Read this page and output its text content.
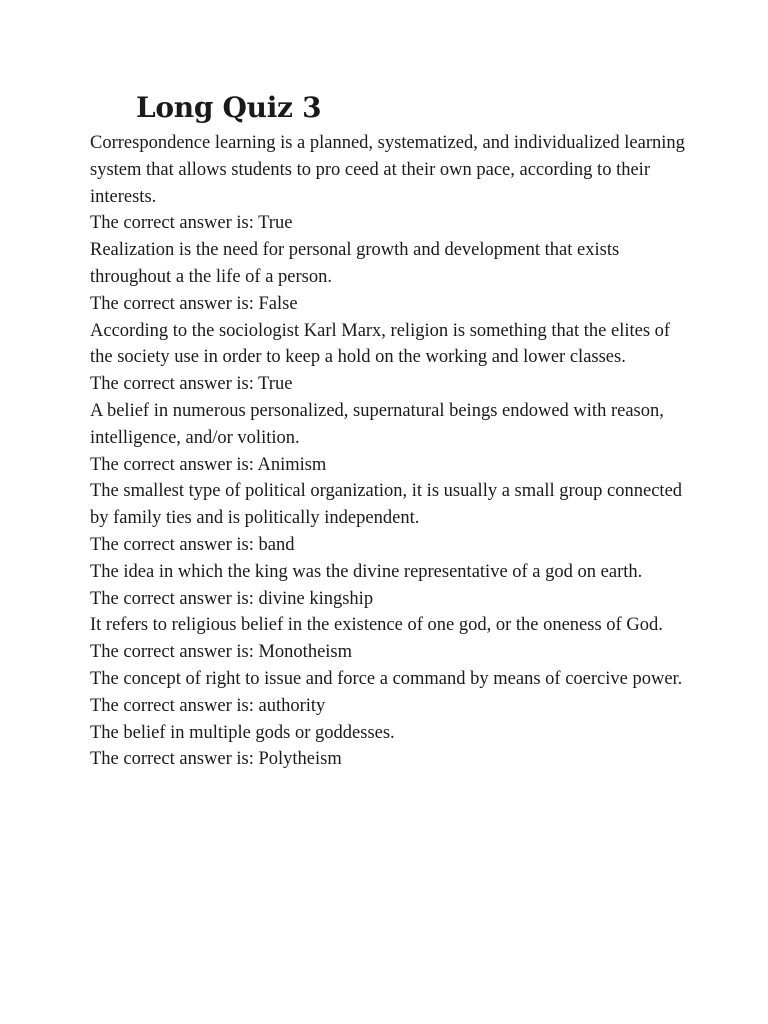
Long Quiz 3

Correspondence learning is a planned, systematized, and individualized learning system that allows students to pro ceed at their own pace, according to their interests.

The correct answer is: True

Realization is the need for personal growth and development that exists throughout a the life of a person.

The correct answer is: False

According to the sociologist Karl Marx, religion is something that the elites of the society use in order to keep a hold on the working and lower classes.

The correct answer is: True

A belief in numerous personalized, supernatural beings endowed with reason, intelligence, and/or volition.

The correct answer is: Animism

The smallest type of political organization, it is usually a small group connected by family ties and is politically independent.

The correct answer is: band

The idea in which the king was the divine representative of a god on earth.

The correct answer is: divine kingship

It refers to religious belief in the existence of one god, or the oneness of God.

The correct answer is: Monotheism

The concept of right to issue and force a command by means of coercive power.

The correct answer is: authority

The belief in multiple gods or goddesses.

The correct answer is: Polytheism
